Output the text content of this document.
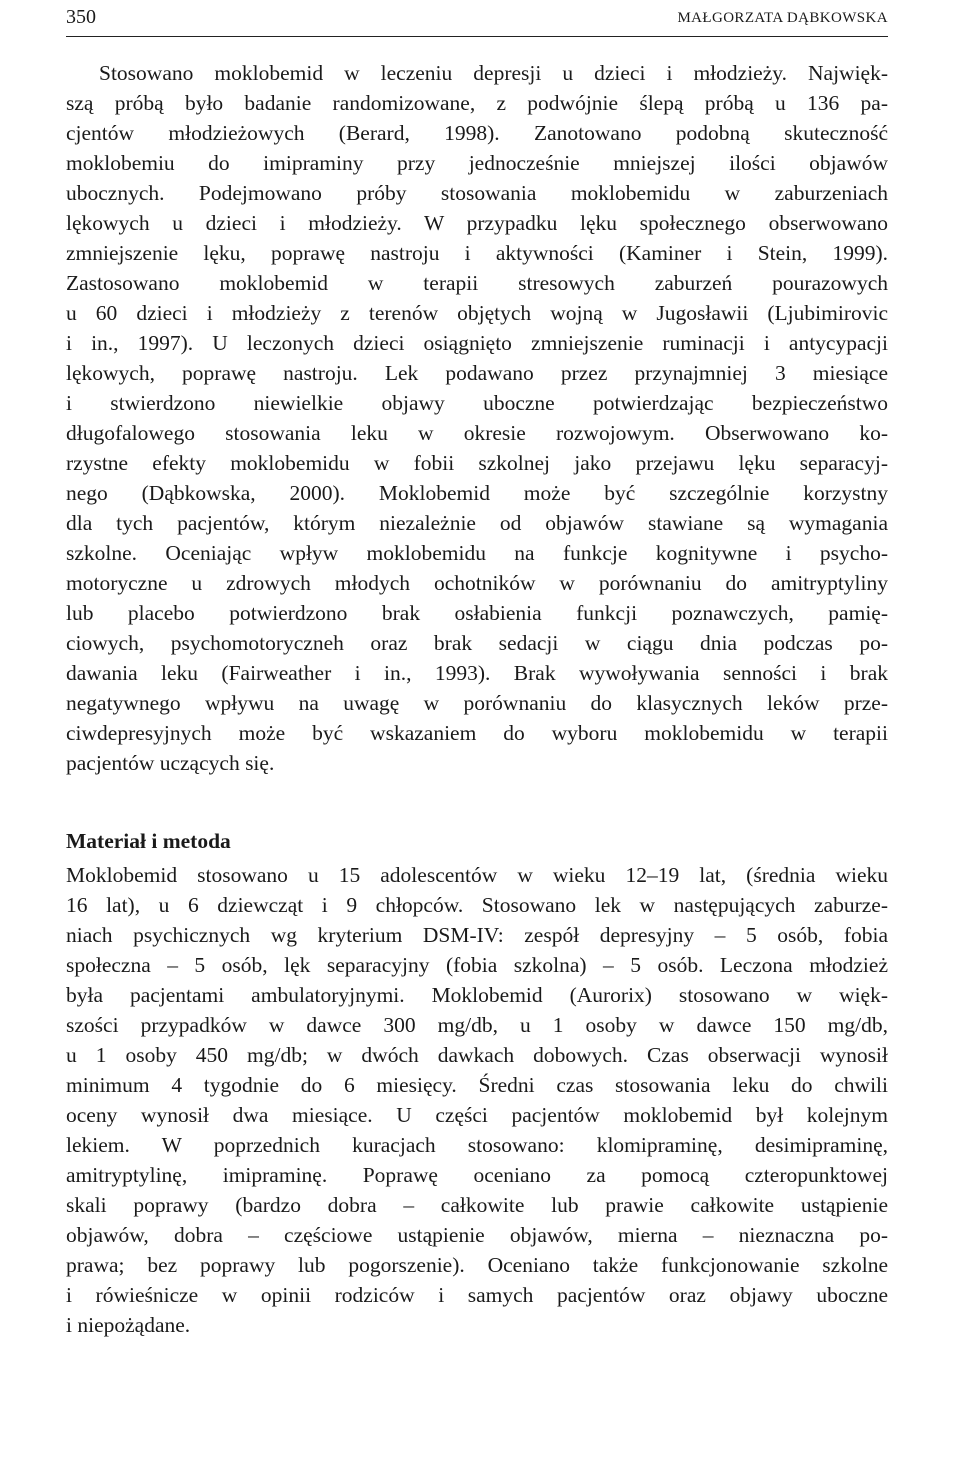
350	MAŁGORZATA DĄBKOWSKA
Stosowano moklobemid w leczeniu depresji u dzieci i młodzieży. Najwięk-
szą próbą było badanie randomizowane, z podwójnie ślepą próbą u 136 pa-
cjentów młodzieżowych (Berard, 1998). Zanotowano podobną skuteczność
moklobemiu do imipraminy przy jednocześnie mniejszej ilości objawów
ubocznych. Podejmowano próby stosowania moklobemidu w zaburzeniach
lękowych u dzieci i młodzieży. W przypadku lęku społecznego obserwowano
zmniejszenie lęku, poprawę nastroju i aktywności (Kaminer i Stein, 1999).
Zastosowano moklobemid w terapii stresowych zaburzeń pourazowych
u 60 dzieci i młodzieży z terenów objętych wojną w Jugosławii (Ljubimirovic
i in., 1997). U leczonych dzieci osiągnięto zmniejszenie ruminacji i antycypacji
lękowych, poprawę nastroju. Lek podawano przez przynajmniej 3 miesiące
i stwierdzono niewielkie objawy uboczne potwierdzając bezpieczeństwo
długofalowego stosowania leku w okresie rozwojowym. Obserwowano ko-
rzystne efekty moklobemidu w fobii szkolnej jako przejawu lęku separacyj-
nego (Dąbkowska, 2000). Moklobemid może być szczególnie korzystny
dla tych pacjentów, którym niezależnie od objawów stawiane są wymagania
szkolne. Oceniając wpływ moklobemidu na funkcje kognitywne i psycho-
motoryczne u zdrowych młodych ochotników w porównaniu do amitryptyliny
lub placebo potwierdzono brak osłabienia funkcji poznawczych, pamię-
ciowych, psychomotoryczneh oraz brak sedacji w ciągu dnia podczas po-
dawania leku (Fairweather i in., 1993). Brak wywoływania senności i brak
negatywnego wpływu na uwagę w porównaniu do klasycznych leków prze-
ciwdepresyjnych może być wskazaniem do wyboru moklobemidu w terapii
pacjentów uczących się.
Materiał i metoda
Moklobemid stosowano u 15 adolescentów w wieku 12–19 lat, (średnia wieku
16 lat), u 6 dziewcząt i 9 chłopców. Stosowano lek w następujących zaburze-
niach psychicznych wg kryterium DSM-IV: zespół depresyjny – 5 osób, fobia
społeczna – 5 osób, lęk separacyjny (fobia szkolna) – 5 osób. Leczona młodzież
była pacjentami ambulatoryjnymi. Moklobemid (Aurorix) stosowano w więk-
szości przypadków w dawce 300 mg/db, u 1 osoby w dawce 150 mg/db,
u 1 osoby 450 mg/db; w dwóch dawkach dobowych. Czas obserwacji wynosił
minimum 4 tygodnie do 6 miesięcy. Średni czas stosowania leku do chwili
oceny wynosił dwa miesiące. U części pacjentów moklobemid był kolejnym
lekiem. W poprzednich kuracjach stosowano: klomipraminę, desimipraminę,
amitryptylinę, imipraminę. Poprawę oceniano za pomocą czteropunktowej
skali poprawy (bardzo dobra – całkowite lub prawie całkowite ustąpienie
objawów, dobra – częściowe ustąpienie objawów, mierna – nieznaczna po-
prawa; bez poprawy lub pogorszenie). Oceniano także funkcjonowanie szkolne
i rówieśnicze w opinii rodziców i samych pacjentów oraz objawy uboczne
i niepożądane.
